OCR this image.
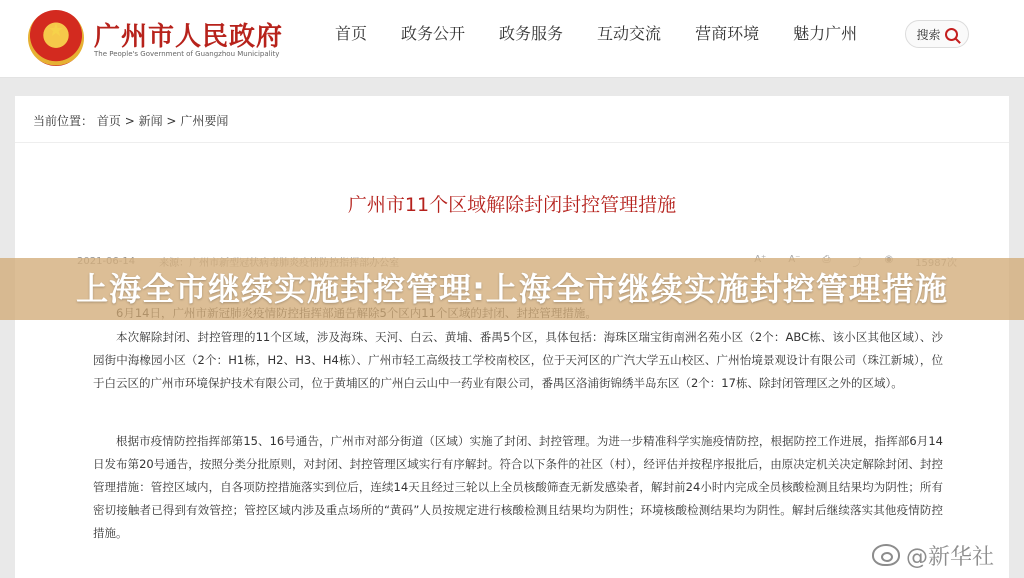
★ 广州市人民政府
The People's Government of Guangzhou Municipality
首页	政务公开	政务服务	互动交流	营商环境	魅力广州	搜索
当前位置： 首页 > 新闻 > 广州要闻
广州市11个区域解除封闭封控管理措施

本次解除封闭、封控管理的11个区域，涉及海珠、天河、白云、黄埔、番禺5个区，具体包括：海珠区瑞宝街南洲名苑小区（2个：ABC栋、该小区其他区域）、沙园街中海橡园小区（2个：H1栋，H2、H3、H4栋）、广州市轻工高级技工学校南校区，位于天河区的广汽大学五山校区、广州怡境景观设计有限公司（珠江新城），位于白云区的广州市环境保护技术有限公司，位于黄埔区的广州白云山中一药业有限公司，番禺区洛浦街锦绣半岛东区（2个：17栋、除封闭管理区之外的区域）。

根据市疫情防控指挥部第15、16号通告，广州市对部分街道（区域）实施了封闭、封控管理。为进一步精准科学实施疫情防控，根据防控工作进展，指挥部6月14日发布第20号通告，按照分类分批原则，对封闭、封控管理区域实行有序解封。符合以下条件的社区（村），经评估并按程序报批后，由原决定机关决定解除封闭、封控管理措施：管控区域内，自各项防控措施落实到位后，连续14天且经过三轮以上全员核酸筛查无新发感染者，解封前24小时内完成全员核酸检测且结果均为阴性；所有密切接触者已得到有效管控；管控区域内涉及重点场所的“黄码”人员按规定进行核酸检测且结果均为阴性；环境核酸检测结果均为阴性。解封后继续落实其他疫情防控措施。

上海全市继续实施封控管理:上海全市继续实施封控管理措施
@新华社
